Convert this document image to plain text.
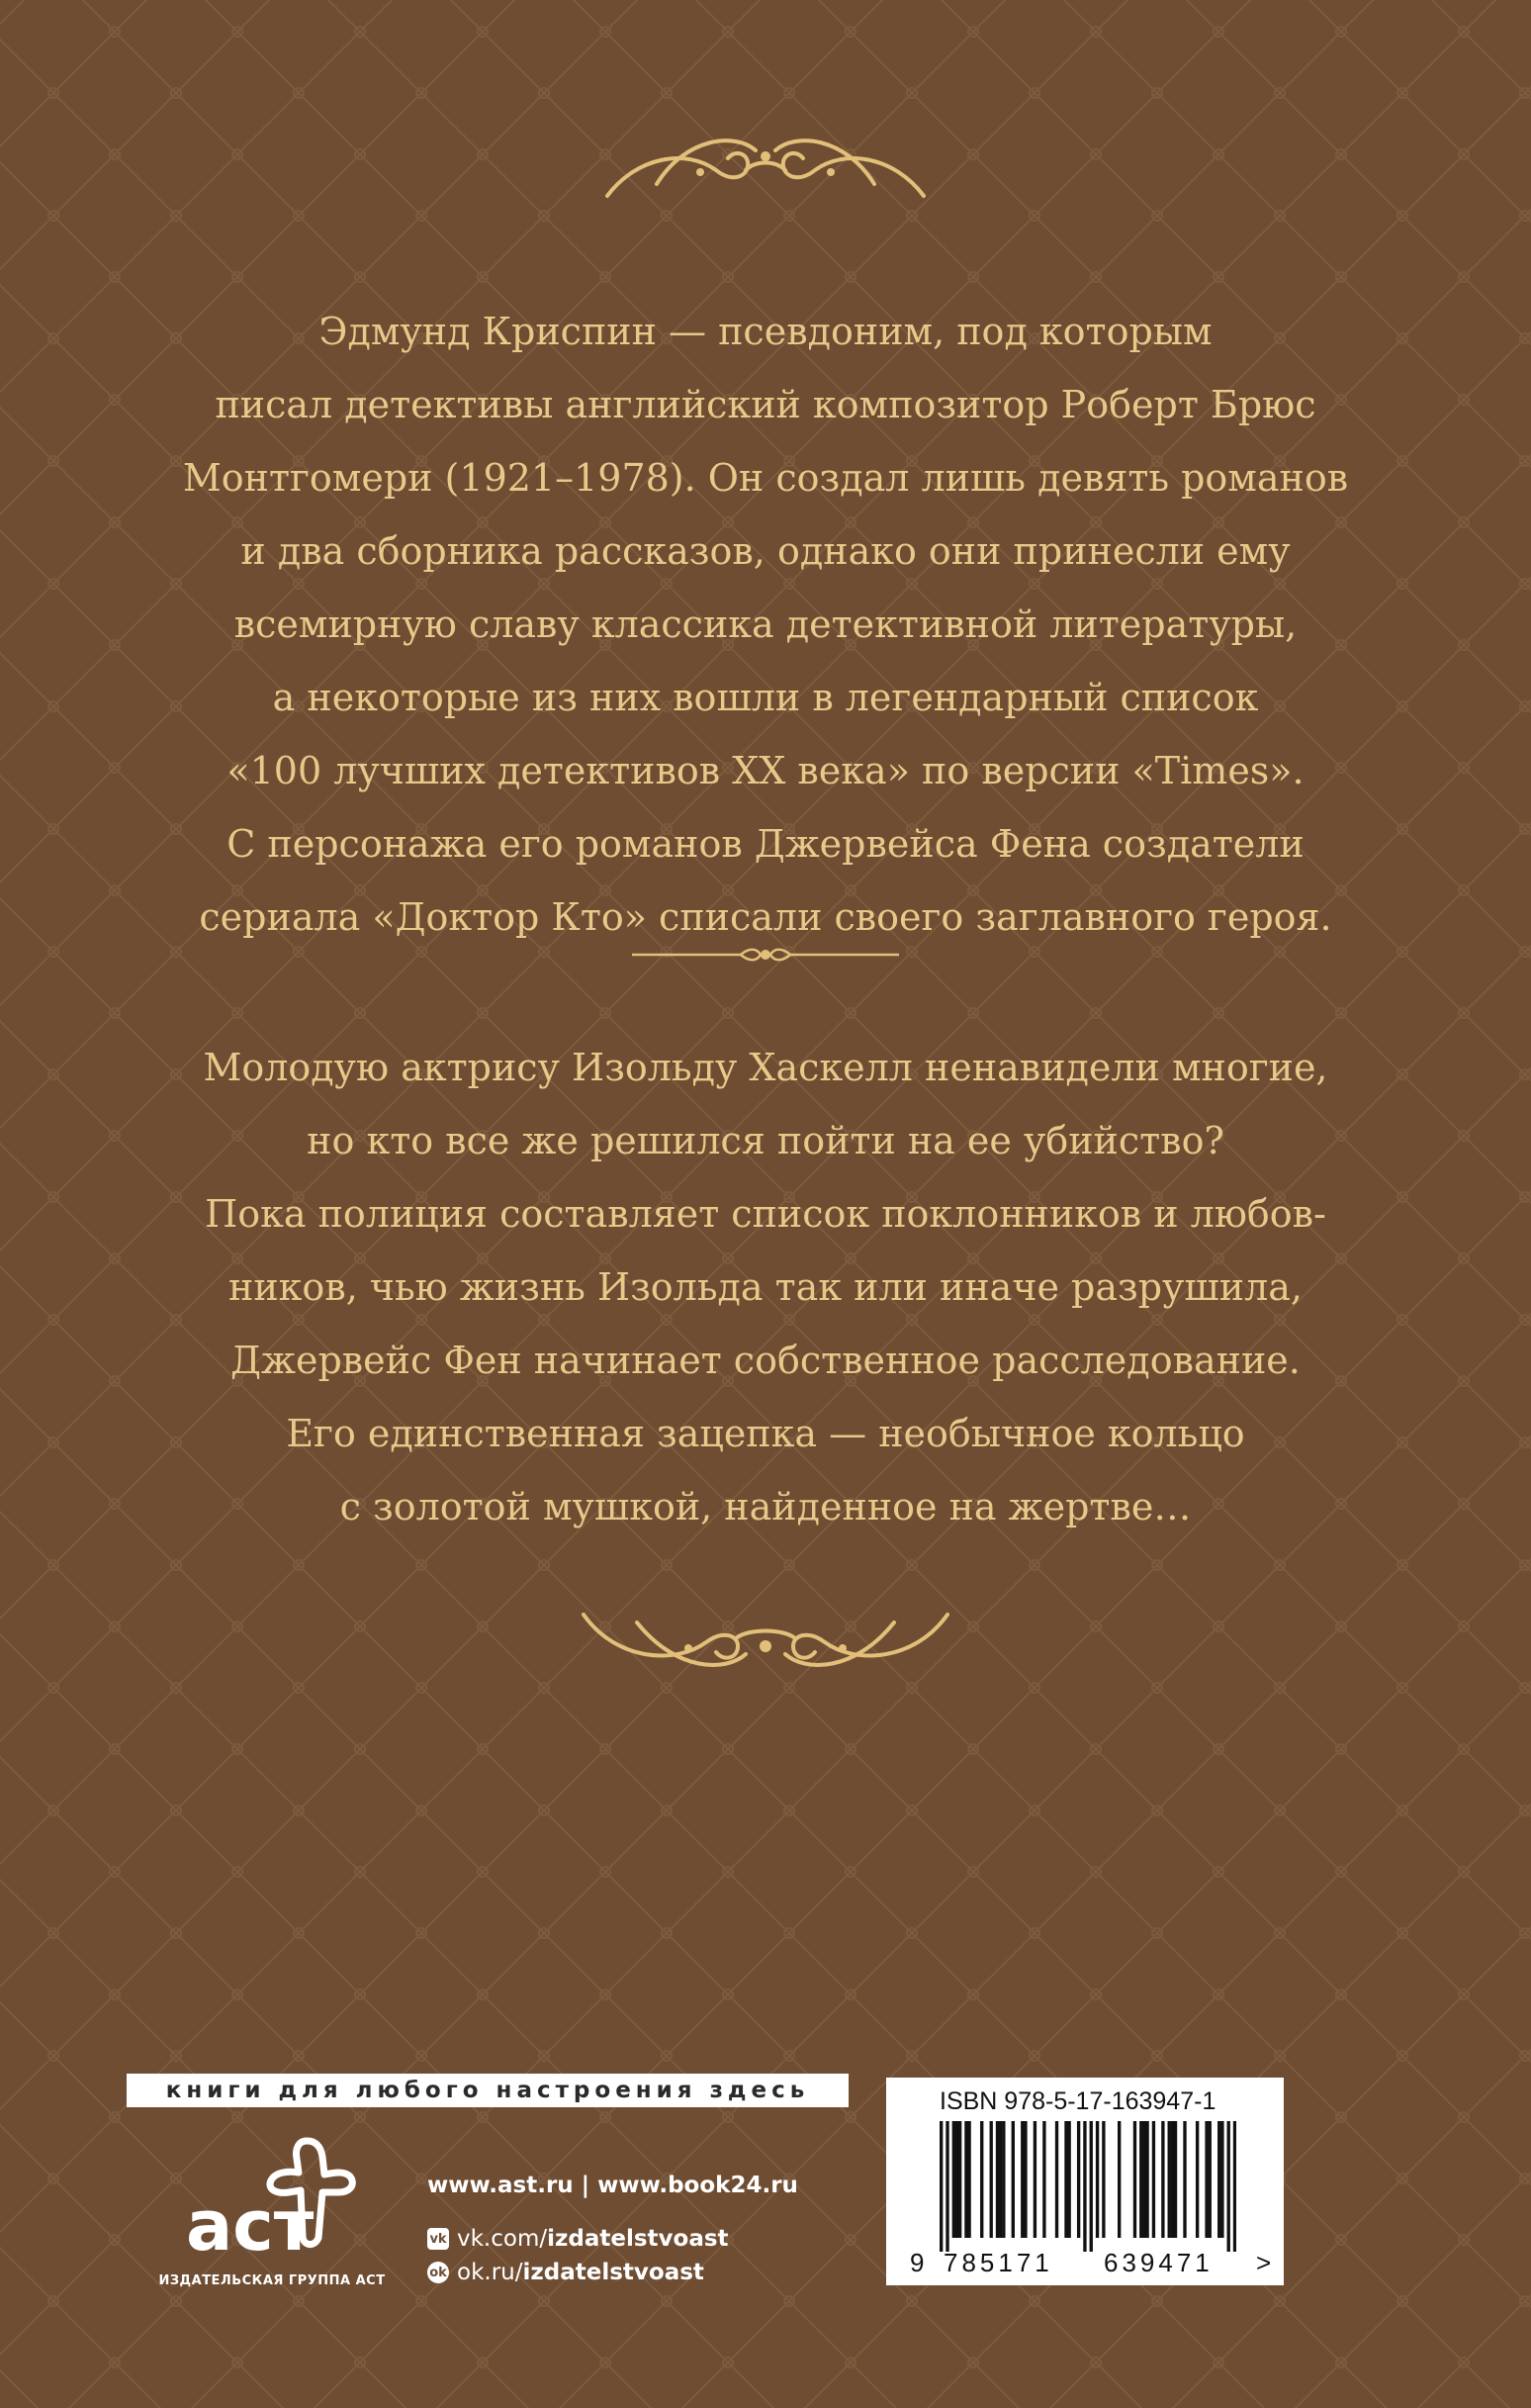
Эдмунд Криспин — псевдоним, под которым
писал детективы английский композитор Роберт Брюс
Монтгомери (1921–1978). Он создал лишь девять романов
и два сборника рассказов, однако они принесли ему
всемирную славу классика детективной литературы,
а некоторые из них вошли в легендарный список
«100 лучших детективов XX века» по версии «Times».
С персонажа его романов Джервейса Фена создатели
сериала «Доктор Кто» списали своего заглавного героя.
Молодую актрису Изольду Хаскелл ненавидели многие,
но кто все же решился пойти на ее убийство?
Пока полиция составляет список поклонников и любов-
ников, чью жизнь Изольда так или иначе разрушила,
Джервейс Фен начинает собственное расследование.
Его единственная зацепка — необычное кольцо
с золотой мушкой, найденное на жертве…
книги для любого настроения здесь
аст
ИЗДАТЕЛЬСКАЯ ГРУППА АСТ
www.ast.ru | www.book24.ru
vk vk.com/izdatelstvoast
ok ok.ru/izdatelstvoast
ISBN 978-5-17-163947-1
9 785171	639471	>
